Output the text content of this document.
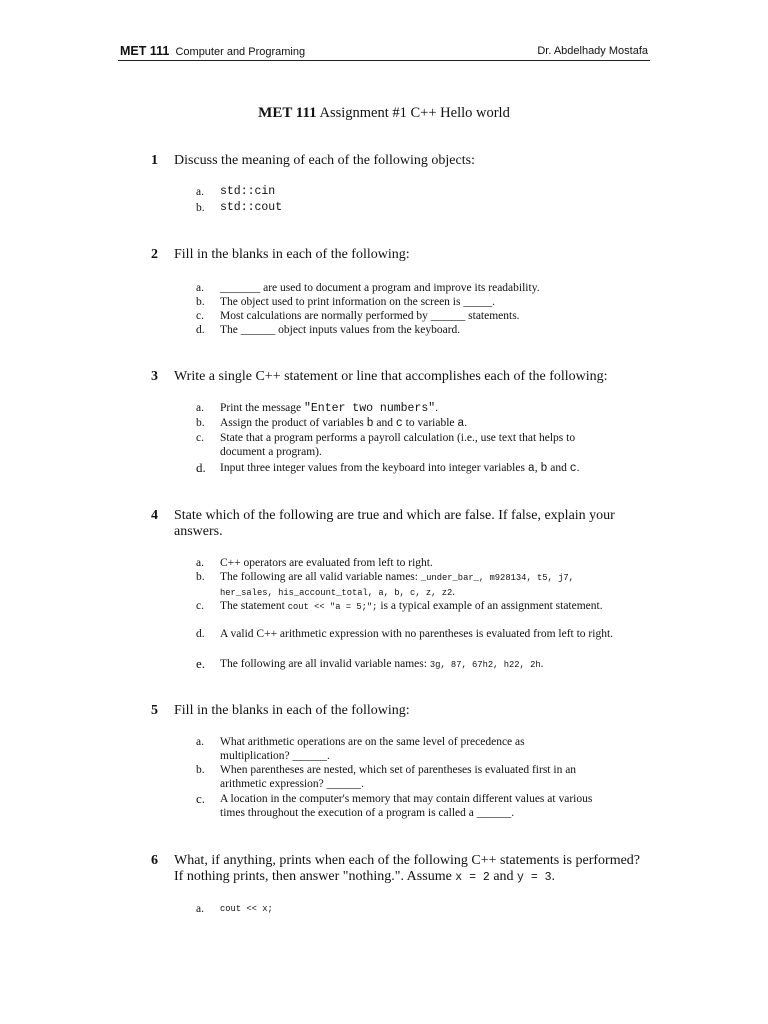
MET 111 Computer and Programing	Dr. Abdelhady Mostafa
MET 111 Assignment #1 C++ Hello world
1 Discuss the meaning of each of the following objects:
a.	std::cin
b.	std::cout
2 Fill in the blanks in each of the following:
a.	_______ are used to document a program and improve its readability.
b.	The object used to print information on the screen is _____.
c.	Most calculations are normally performed by ______ statements.
d.	The ______ object inputs values from the keyboard.
3 Write a single C++ statement or line that accomplishes each of the following:
a.	Print the message "Enter two numbers".
b.	Assign the product of variables b and c to variable a.
c.	State that a program performs a payroll calculation (i.e., use text that helps to document a program).
d.	Input three integer values from the keyboard into integer variables a, b and c.
4 State which of the following are true and which are false. If false, explain your answers.
a.	C++ operators are evaluated from left to right.
b.	The following are all valid variable names: _under_bar_, m928134, t5, j7, her_sales, his_account_total, a, b, c, z, z2.
c.	The statement cout << "a = 5;"; is a typical example of an assignment statement.
d.	A valid C++ arithmetic expression with no parentheses is evaluated from left to right.
e.	The following are all invalid variable names: 3g, 87, 67h2, h22, 2h.
5 Fill in the blanks in each of the following:
a.	What arithmetic operations are on the same level of precedence as multiplication? ______.
b.	When parentheses are nested, which set of parentheses is evaluated first in an arithmetic expression? ______.
c.	A location in the computer's memory that may contain different values at various times throughout the execution of a program is called a ______.
6 What, if anything, prints when each of the following C++ statements is performed? If nothing prints, then answer "nothing.". Assume x = 2 and y = 3.
a.	cout << x;
